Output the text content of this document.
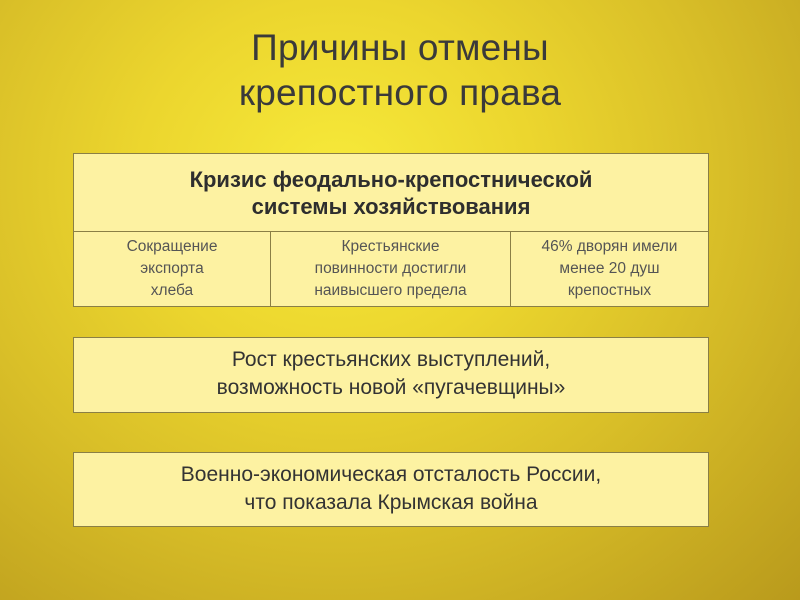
Причины отмены
крепостного права
Кризис феодально-крепостнической
системы хозяйствования
Сокращение
экспорта
хлеба
Крестьянские
повинности достигли
наивысшего предела
46% дворян имели
менее 20 душ
крепостных
Рост крестьянских выступлений,
возможность новой «пугачевщины»
Военно-экономическая отсталость России,
что показала Крымская война
